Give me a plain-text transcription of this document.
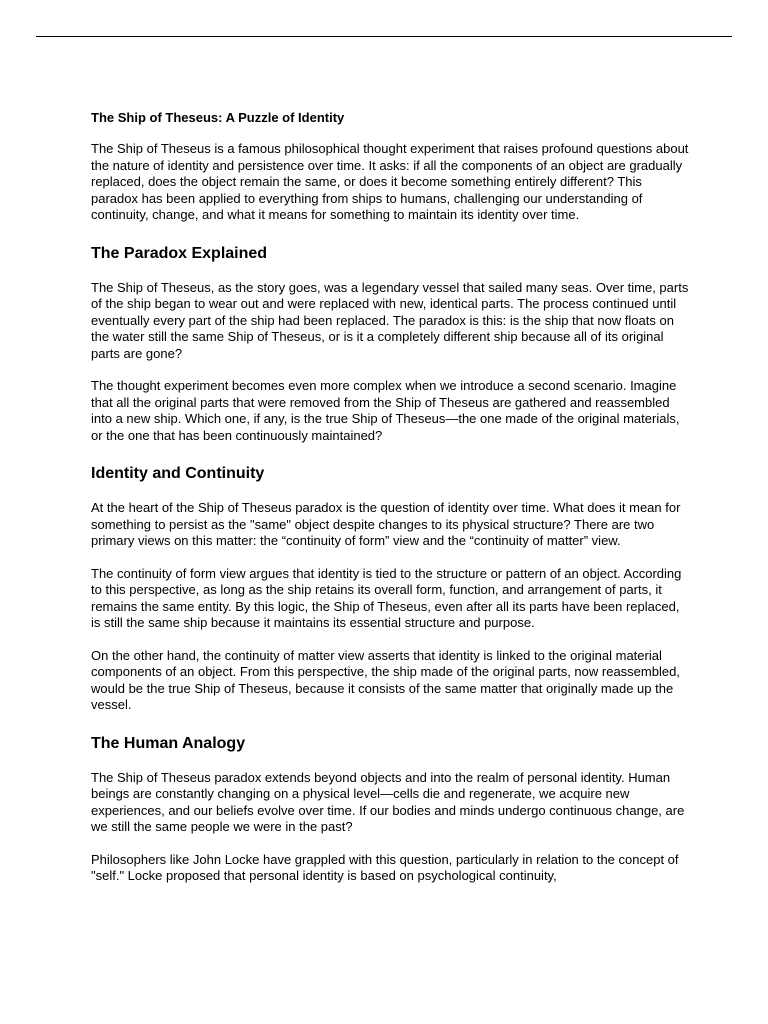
The Ship of Theseus: A Puzzle of Identity

The Ship of Theseus is a famous philosophical thought experiment that raises profound questions about the nature of identity and persistence over time. It asks: if all the components of an object are gradually replaced, does the object remain the same, or does it become something entirely different? This paradox has been applied to everything from ships to humans, challenging our understanding of continuity, change, and what it means for something to maintain its identity over time.

The Paradox Explained

The Ship of Theseus, as the story goes, was a legendary vessel that sailed many seas. Over time, parts of the ship began to wear out and were replaced with new, identical parts. The process continued until eventually every part of the ship had been replaced. The paradox is this: is the ship that now floats on the water still the same Ship of Theseus, or is it a completely different ship because all of its original parts are gone?

The thought experiment becomes even more complex when we introduce a second scenario. Imagine that all the original parts that were removed from the Ship of Theseus are gathered and reassembled into a new ship. Which one, if any, is the true Ship of Theseus—the one made of the original materials, or the one that has been continuously maintained?

Identity and Continuity

At the heart of the Ship of Theseus paradox is the question of identity over time. What does it mean for something to persist as the "same" object despite changes to its physical structure? There are two primary views on this matter: the “continuity of form” view and the “continuity of matter” view.

The continuity of form view argues that identity is tied to the structure or pattern of an object. According to this perspective, as long as the ship retains its overall form, function, and arrangement of parts, it remains the same entity. By this logic, the Ship of Theseus, even after all its parts have been replaced, is still the same ship because it maintains its essential structure and purpose.

On the other hand, the continuity of matter view asserts that identity is linked to the original material components of an object. From this perspective, the ship made of the original parts, now reassembled, would be the true Ship of Theseus, because it consists of the same matter that originally made up the vessel.

The Human Analogy

The Ship of Theseus paradox extends beyond objects and into the realm of personal identity. Human beings are constantly changing on a physical level—cells die and regenerate, we acquire new experiences, and our beliefs evolve over time. If our bodies and minds undergo continuous change, are we still the same people we were in the past?

Philosophers like John Locke have grappled with this question, particularly in relation to the concept of "self." Locke proposed that personal identity is based on psychological continuity,
